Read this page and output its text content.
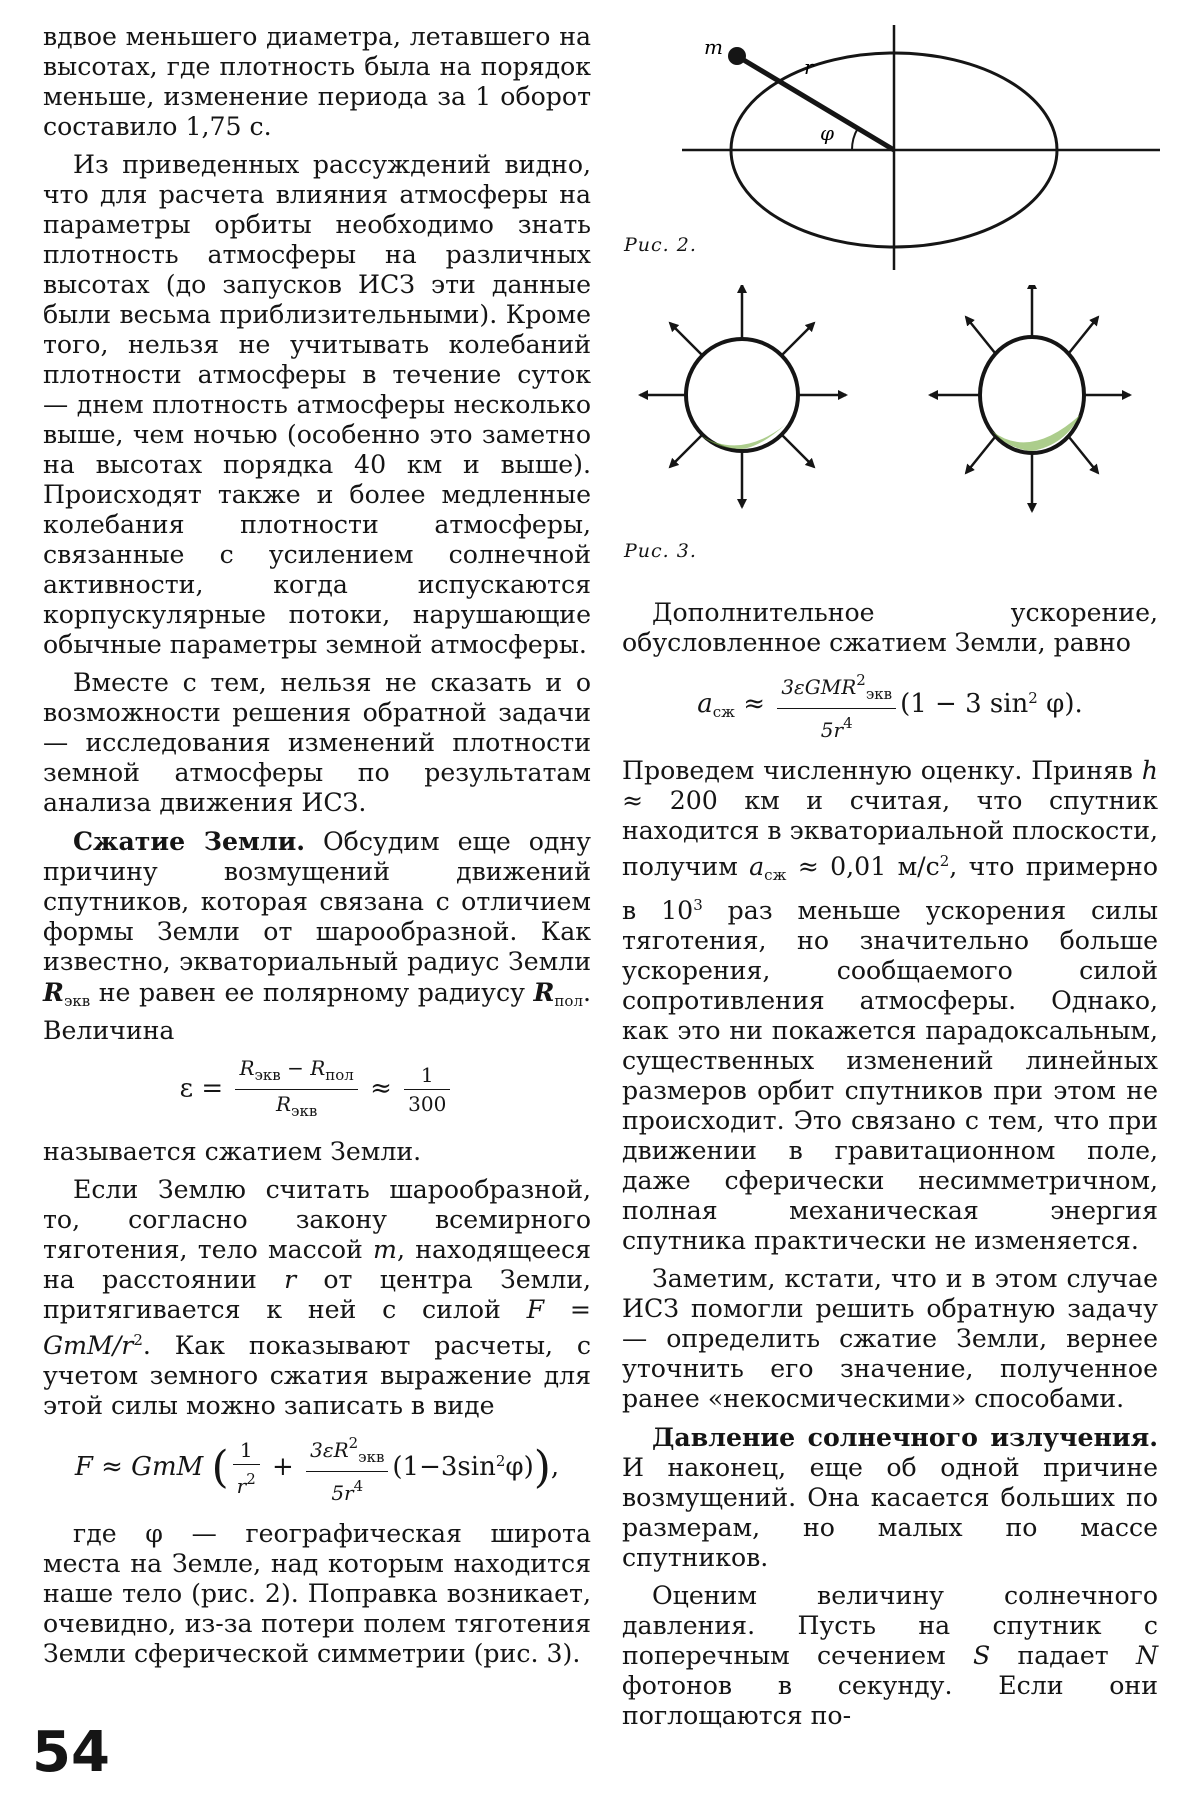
вдвое меньшего диаметра, летавшего на высотах, где плотность была на порядок меньше, изменение периода за 1 оборот составило 1,75 с.

Из приведенных рассуждений видно, что для расчета влияния атмосферы на параметры орбиты необходимо знать плотность атмосферы на различных высотах (до запусков ИСЗ эти данные были весьма приблизительными). Кроме того, нельзя не учитывать колебаний плотности атмосферы в течение суток — днем плотность атмосферы несколько выше, чем ночью (особенно это заметно на высотах порядка 40 км и выше). Происходят также и более медленные колебания плотности атмосферы, связанные с усилением солнечной активности, когда испускаются корпускулярные потоки, нарушающие обычные параметры земной атмосферы.

Вместе с тем, нельзя не сказать и о возможности решения обратной задачи — исследования изменений плотности земной атмосферы по результатам анализа движения ИСЗ.

Сжатие Земли. Обсудим еще одну причину возмущений движений спутников, которая связана с отличием формы Земли от шарообразной. Как известно, экваториальный радиус Земли $R_{экв}$ не равен ее полярному радиусу $R_{пол}$. Величина

$\varepsilon = \frac{R_{экв} - R_{пол}}{R_{экв}} \approx \frac{1}{300}$

называется сжатием Земли.

Если Землю считать шарообразной, то, согласно закону всемирного тяготения, тело массой m, находящееся на расстоянии r от центра Земли, притягивается к ней с силой F = GmM/$r^2$. Как показывают расчеты, с учетом земного сжатия выражение для этой силы можно записать в виде

F ≈ GmM ( $\frac{1}{r^2} + \frac{3\varepsilon R^2_{экв}}{5r^4} (1-3\sin^2\varphi)$),

где φ — географическая широта места на Земле, над которым находится наше тело (рис. 2). Поправка возникает, очевидно, из-за потери полем тяготения Земли сферической симметрии (рис. 3).

m
r
φ
Рис. 2.
Рис. 3.

Дополнительное ускорение, обусловленное сжатием Земли, равно

$a_{сж} \approx \frac{3\varepsilon GMR^2_{экв}}{5r^4} (1 - 3$ $\sin^2 \varphi$).

Проведем численную оценку. Приняв h ≈ 200 км и считая, что спутник находится в экваториальной плоскости, получим $a_{сж} \approx 0,01$ $м/с^2$, что примерно в $10^3$ раз меньше ускорения силы тяготения, но значительно больше ускорения, сообщаемого силой сопротивления атмосферы. Однако, как это ни покажется парадоксальным, существенных изменений линейных размеров орбит спутников при этом не происходит. Это связано с тем, что при движении в гравитационном поле, даже сферически несимметричном, полная механическая энергия спутника практически не изменяется.

Заметим, кстати, что и в этом случае ИСЗ помогли решить обратную задачу — определить сжатие Земли, вернее уточнить его значение, полученное ранее «некосмическими» способами.

Давление солнечного излучения. И наконец, еще об одной причине возмущений. Она касается больших по размерам, но малых по массе спутников.

Оценим величину солнечного давления. Пусть на спутник с поперечным сечением S падает N фотонов в секунду. Если они поглощаются по-

54
